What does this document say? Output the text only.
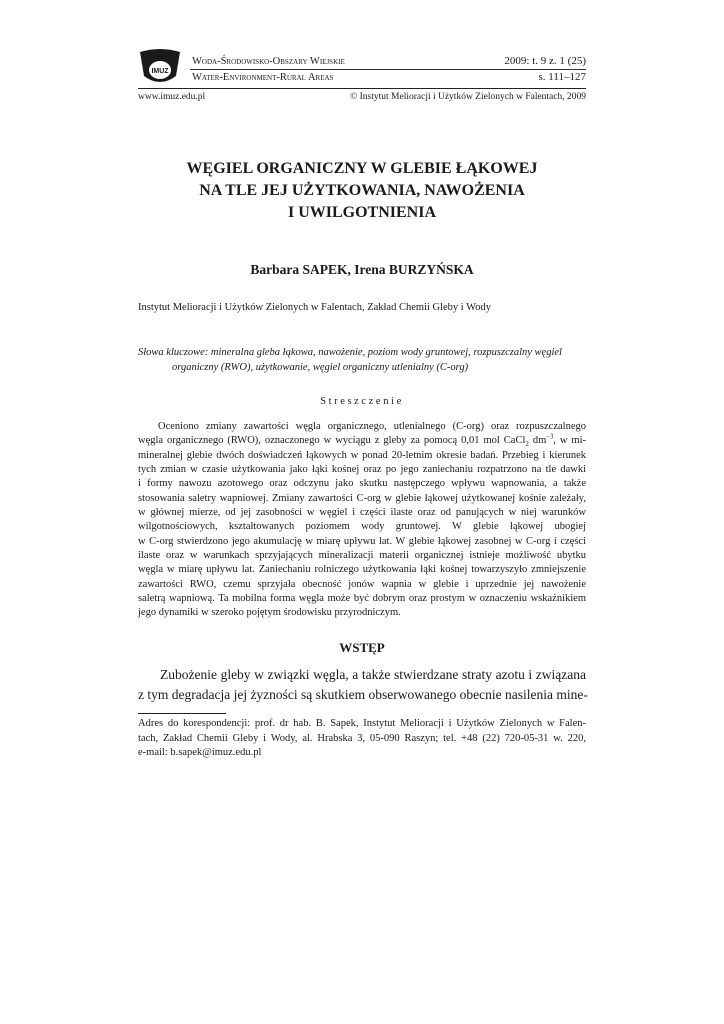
IMUZ
Woda-Środowisko-Obszary Wiejskie
Water-Environment-Rural Areas
2009: t. 9 z. 1 (25)
s. 111–127
www.imuz.edu.pl	© Instytut Melioracji i Użytków Zielonych w Falentach, 2009
WĘGIEL ORGANICZNY W GLEBIE ŁĄKOWEJ
NA TLE JEJ UŻYTKOWANIA, NAWOŻENIA
I UWILGOTNIENIA
Barbara SAPEK, Irena BURZYŃSKA
Instytut Melioracji i Użytków Zielonych w Falentach, Zakład Chemii Gleby i Wody
Słowa kluczowe: mineralna gleba łąkowa, nawożenie, poziom wody gruntowej, rozpuszczalny węgiel
organiczny (RWO), użytkowanie, węgiel organiczny utlenialny (C-org)
Streszczenie
Oceniono zmiany zawartości węgla organicznego, utlenialnego (C-org) oraz rozpuszczalnego
węgla organicznego (RWO), oznaczonego w wyciągu z gleby za pomocą 0,01 mol CaCl$_2$ $dm^{-3}$, w mi-
mineralnej glebie dwóch doświadczeń łąkowych w ponad 20-letnim okresie badań. Przebieg i kierunek
tych zmian w czasie użytkowania jako łąki kośnej oraz po jego zaniechaniu rozpatrzono na tle dawki
i formy nawozu azotowego oraz odczynu jako skutku następczego wpływu wapnowania, a także
stosowania saletry wapniowej. Zmiany zawartości C-org w glebie łąkowej użytkowanej kośnie zależały,
w głównej mierze, od jej zasobności w węgiel i części ilaste oraz od panujących w niej warunków
wilgotnościowych, kształtowanych poziomem wody gruntowej. W glebie łąkowej ubogiej
w C-org stwierdzono jego akumulację w miarę upływu lat. W glebie łąkowej zasobnej w C-org i części
ilaste oraz w warunkach sprzyjających mineralizacji materii organicznej istnieje możliwość ubytku
węgla w miarę upływu lat. Zaniechaniu rolniczego użytkowania łąki kośnej towarzyszyło zmniejszenie
zawartości RWO, czemu sprzyjała obecność jonów wapnia w glebie i uprzednie jej nawożenie
saletrą wapniową. Ta mobilna forma węgla może być dobrym oraz prostym w oznaczeniu wskaźnikiem
jego dynamiki w szeroko pojętym środowisku przyrodniczym.
WSTĘP
Zubożenie gleby w związki węgla, a także stwierdzane straty azotu i związana
z tym degradacja jej żyzności są skutkiem obserwowanego obecnie nasilenia mine-
Adres do korespondencji: prof. dr hab. B. Sapek, Instytut Melioracji i Użytków Zielonych w Falen-
tach, Zakład Chemii Gleby i Wody, al. Hrabska 3, 05-090 Raszyn; tel. +48 (22) 720-05-31 w. 220,
e-mail: b.sapek@imuz.edu.pl
